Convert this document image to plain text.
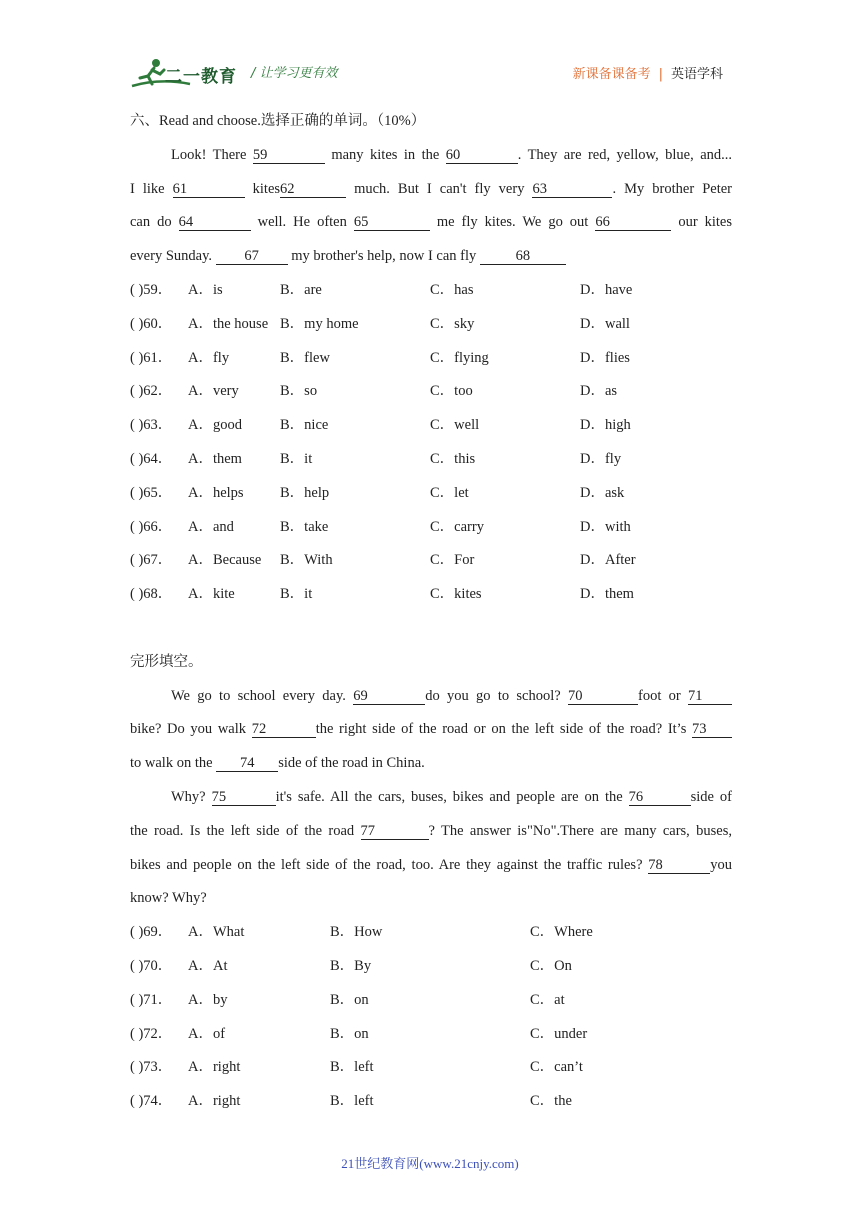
二一教育 / 让学习更有效	新课备课备考 | 英语学科
六、Read and choose.选择正确的单词。（10%）
Look! There 59	many kites in the 60	. They are red, yellow, blue, and...
I like 61	kites62	much. But I can't fly very 63	. My brother Peter
can do 64	well. He often 65	me fly kites. We go out 66	our kites
every Sunday. 67 my brother's help, now I can fly 68
( )59． A．is	B．are	C．has	D．have
( )60． A．the house B．my home	C．sky	D．wall
( )61． A．fly	B．flew	C．flying	D．flies
( )62． A．very	B．so	C．too	D．as
( )63． A．good	B．nice	C．well	D．high
( )64． A．them	B．it	C．this	D．fly
( )65． A．helps	B．help	C．let	D．ask
( )66． A．and	B．take	C．carry	D．with
( )67． A．Because B．With	C．For	D．After
( )68． A．kite	B．it	C．kites	D．them
完形填空。
We go to school every day. 69	do you go to school? 70	foot or 71
bike? Do you walk 72	the right side of the road or on the left side of the road? It’s 73
to walk on the 74 side of the road in China.
Why? 75	it's safe. All the cars, buses, bikes and people are on the 76	side of
the road. Is the left side of the road 77	? The answer is"No".There are many cars, buses,
bikes and people on the left side of the road, too. Are they against the traffic rules? 78	you
know? Why?
( )69． A．What	B．How	C．Where
( )70． A．At	B．By	C．On
( )71． A．by	B．on	C．at
( )72． A．of	B．on	C．under
( )73． A．right	B．left	C．can’t
( )74． A．right	B．left	C．the
21世纪教育网(www.21cnjy.com)
